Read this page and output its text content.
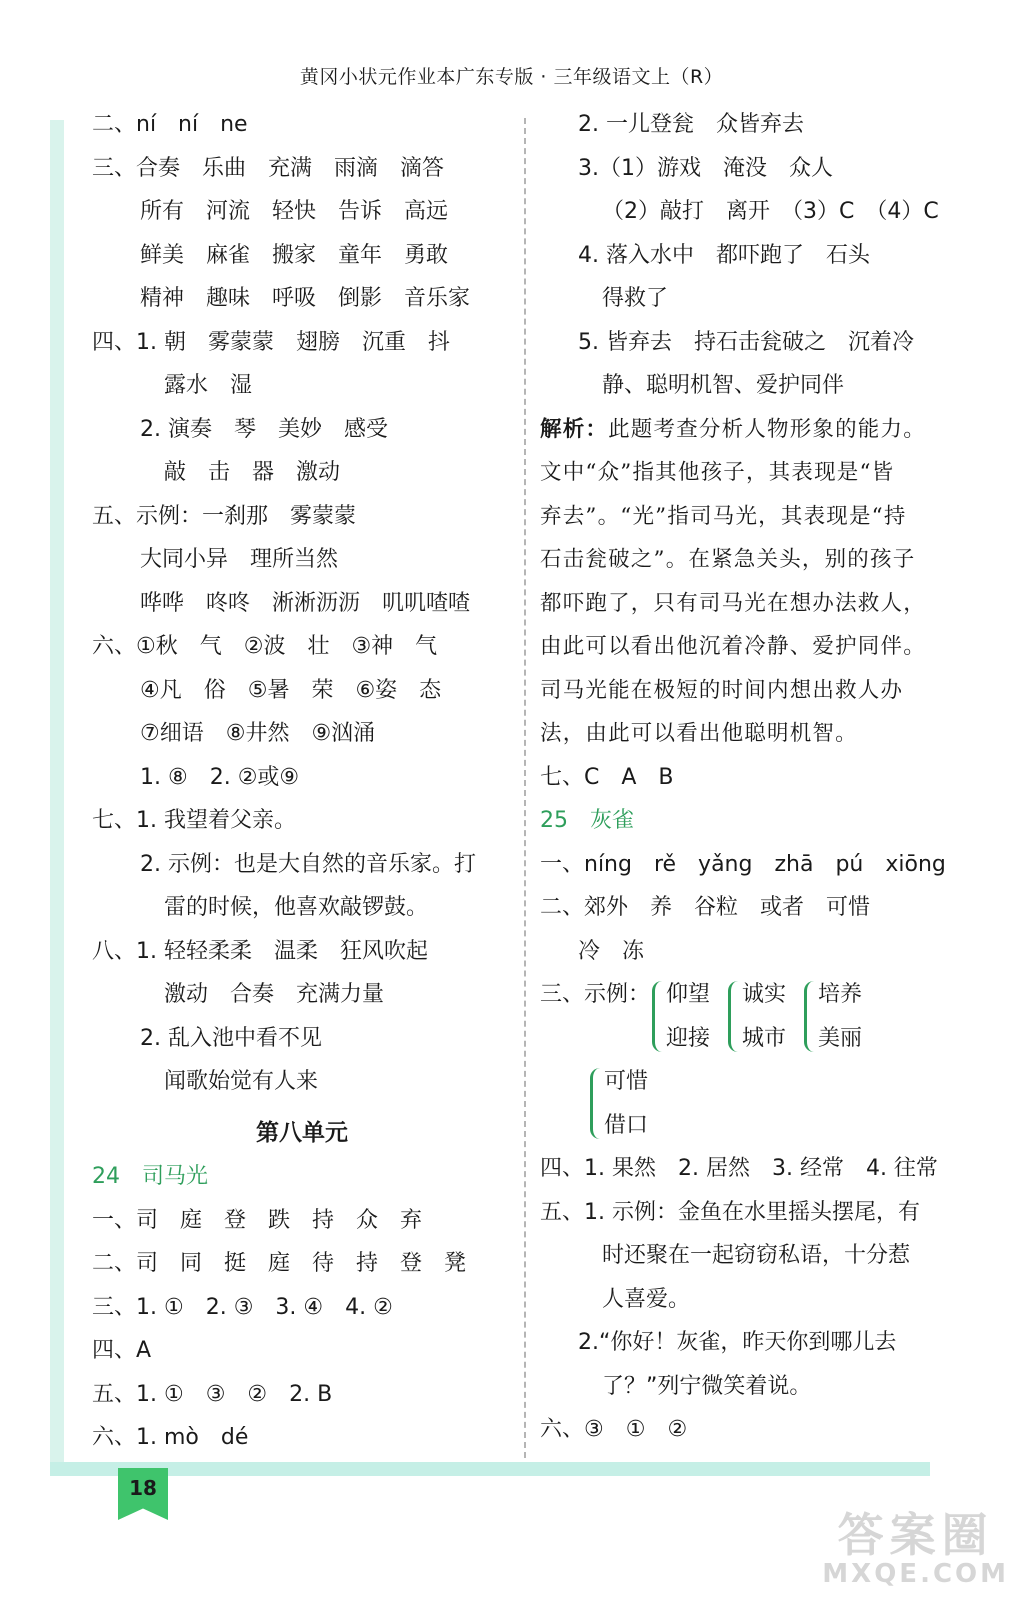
黄冈小状元作业本广东专版 · 三年级语文上（R）
18
二、ní　ní　ne
三、合奏　乐曲　充满　雨滴　滴答
所有　河流　轻快　告诉　高远
鲜美　麻雀　搬家　童年　勇敢
精神　趣味　呼吸　倒影　音乐家
四、1. 朝　雾蒙蒙　翅膀　沉重　抖
露水　湿
2. 演奏　琴　美妙　感受
敲　击　器　激动
五、示例：一刹那　雾蒙蒙
大同小异　理所当然
哗哗　咚咚　淅淅沥沥　叽叽喳喳
六、①秋　气　②波　壮　③神　气
④凡　俗　⑤暑　荣　⑥姿　态
⑦细语　⑧井然　⑨汹涌
1. ⑧　2. ②或⑨
七、1. 我望着父亲。
2. 示例：也是大自然的音乐家。打
雷的时候，他喜欢敲锣鼓。
八、1. 轻轻柔柔　温柔　狂风吹起
激动　合奏　充满力量
2. 乱入池中看不见
闻歌始觉有人来
第八单元
24　 司马光
一、司　庭　登　跌　持　众　弃
二、司　同　挺　庭　待　持　登　凳
三、1. ①　2. ③　3. ④　4. ②
四、A
五、1. ①　③　②　2. B
六、1. mò　dé
2. 一儿登瓮　众皆弃去
3.（1）游戏　淹没　众人
（2）敲打　离开　（3）C　（4）C
4. 落入水中　都吓跑了　石头
得救了
5. 皆弃去　持石击瓮破之　沉着冷
静、聪明机智、爱护同伴
解析：此题考查分析人物形象的能力。
文中“众”指其他孩子，其表现是“皆
弃去”。“光”指司马光，其表现是“持
石击瓮破之”。在紧急关头，别的孩子
都吓跑了，只有司马光在想办法救人，
由此可以看出他沉着冷静、爱护同伴。
司马光能在极短的时间内想出救人办
法，由此可以看出他聪明机智。
七、C　A　B
25　 灰雀
一、níng　rě　yǎng　zhā　pú　xiōng
二、郊外　养　谷粒　或者　可惜
冷　冻
三、示例： 仰望
迎接
诚实
城市
培养
美丽
可惜
借口
四、1. 果然　2. 居然　3. 经常　4. 往常
五、1. 示例：金鱼在水里摇头摆尾，有
时还聚在一起窃窃私语，十分惹
人喜爱。
2.“你好！灰雀，昨天你到哪儿去
了？”列宁微笑着说。
六、③　①　②
答案圈
MXQE.COM
